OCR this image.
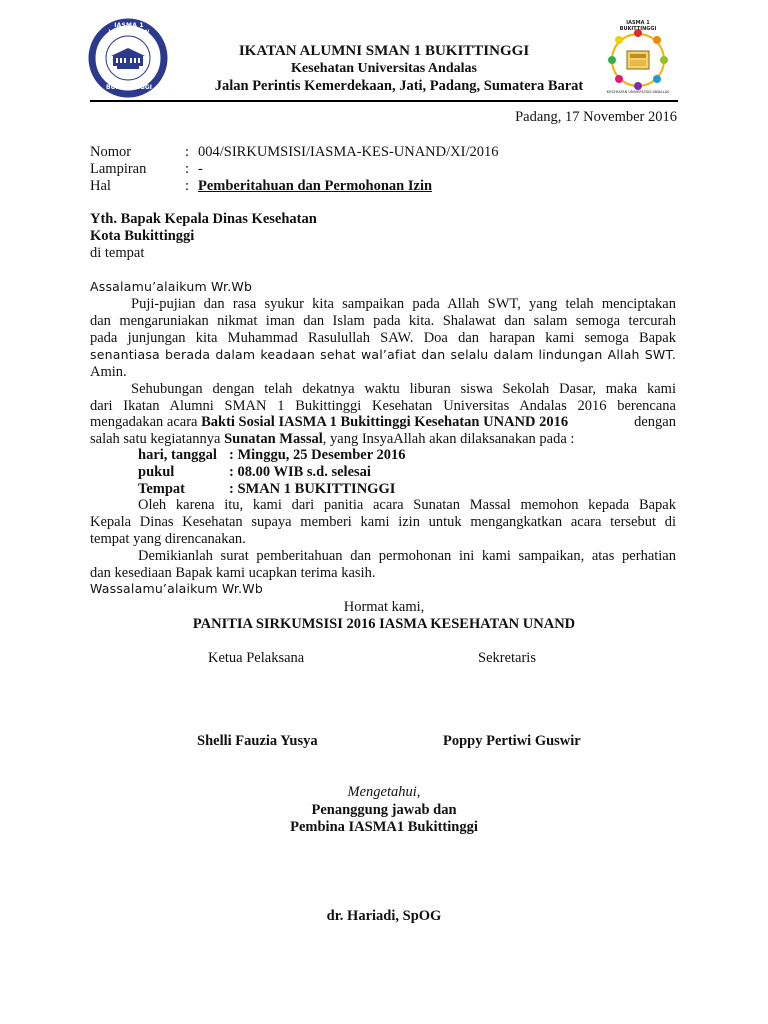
IASMA 1 LANDBOUW
BUKIT TINGGI
IASMA 1 BUKITTINGGI
KESEHATAN UNIVERSITAS ANDALAS
IKATAN ALUMNI SMAN 1 BUKITTINGGI
Kesehatan Universitas Andalas
Jalan Perintis Kemerdekaan, Jati, Padang, Sumatera Barat
Padang, 17 November 2016
Nomor	: 004/SIRKUMSISI/IASMA-KES-UNAND/XI/2016
Lampiran	: -
Hal	: Pemberitahuan dan Permohonan Izin
Yth. Bapak Kepala Dinas Kesehatan
Kota Bukittinggi
di tempat
Assalamu’alaikum Wr.Wb
Puji-pujian dan rasa syukur kita sampaikan pada Allah SWT, yang telah menciptakan
dan mengaruniakan nikmat iman dan Islam pada kita. Shalawat dan salam semoga tercurah
pada junjungan kita Muhammad Rasulullah SAW. Doa dan harapan kami semoga Bapak
senantiasa berada dalam keadaan sehat wal’afiat dan selalu dalam lindungan Allah SWT.
Amin.
Sehubungan dengan telah dekatnya waktu liburan siswa Sekolah Dasar, maka kami
dari Ikatan Alumni SMAN 1 Bukittinggi Kesehatan Universitas Andalas 2016 berencana
mengadakan acara Bakti Sosial IASMA 1 Bukittinggi Kesehatan UNAND 2016	dengan
salah satu kegiatannya Sunatan Massal, yang InsyaAllah akan dilaksanakan pada :
hari, tanggal : Minggu, 25 Desember 2016
pukul	: 08.00 WIB s.d. selesai
Tempat	: SMAN 1 BUKITTINGGI
Oleh karena itu, kami dari panitia acara Sunatan Massal memohon kepada Bapak
Kepala Dinas Kesehatan supaya memberi kami izin untuk mengangkatkan acara tersebut di
tempat yang direncanakan.
Demikianlah surat pemberitahuan dan permohonan ini kami sampaikan, atas perhatian
dan kesediaan Bapak kami ucapkan terima kasih.
Wassalamu’alaikum Wr.Wb
Hormat kami,
PANITIA SIRKUMSISI 2016 IASMA KESEHATAN UNAND
Ketua Pelaksana	Sekretaris
Shelli Fauzia Yusya	Poppy Pertiwi Guswir
Mengetahui,
Penanggung jawab dan
Pembina IASMA1 Bukittinggi
dr. Hariadi, SpOG
